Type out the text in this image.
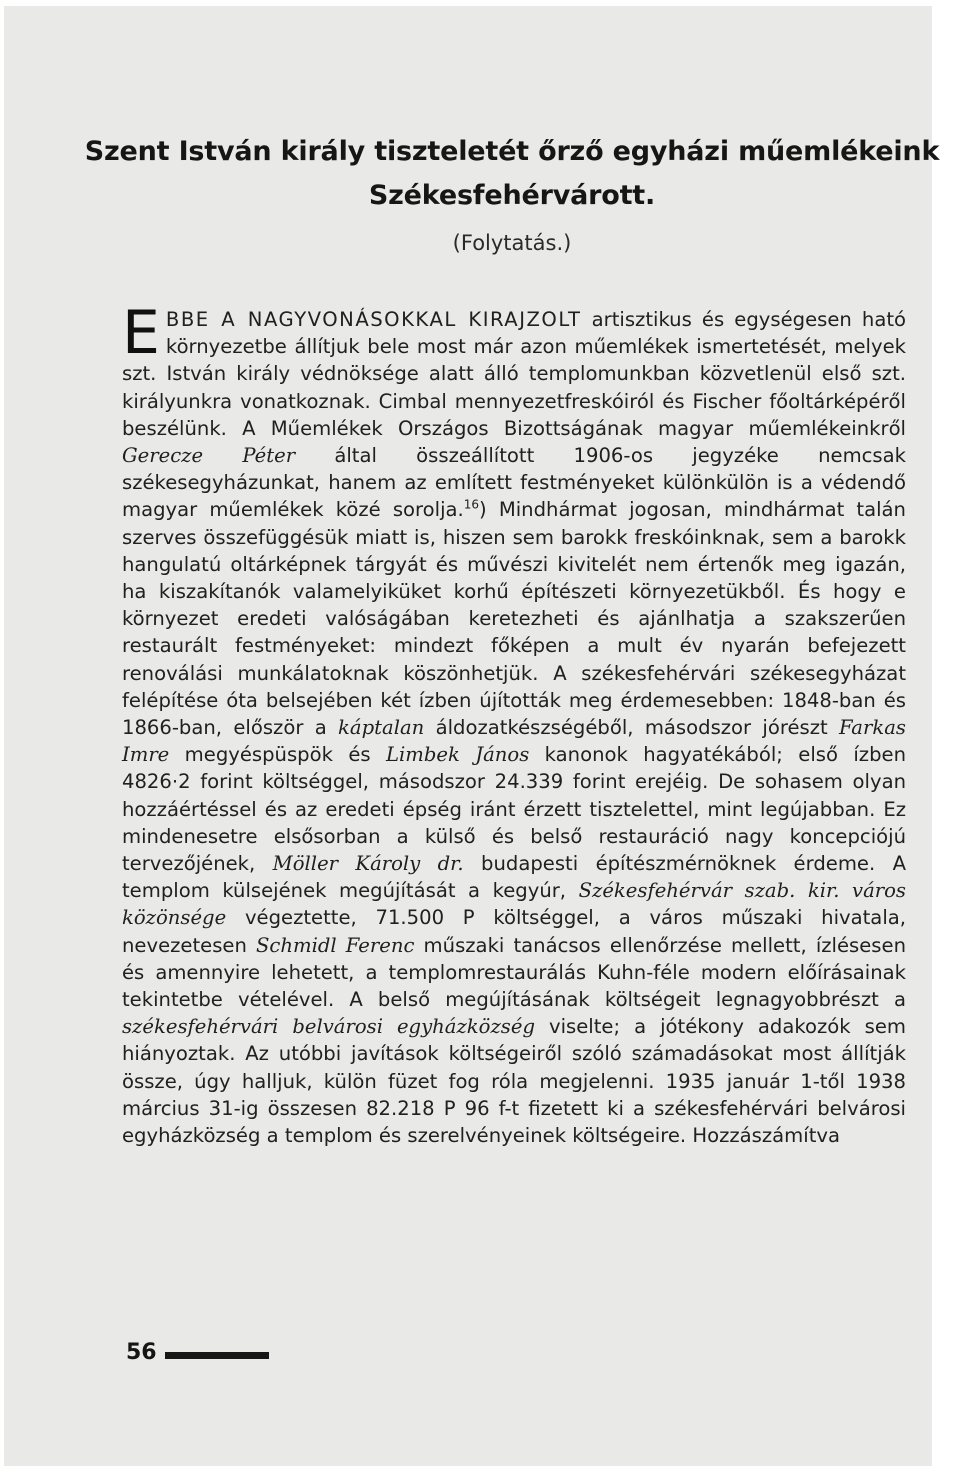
Szent István király tiszteletét őrző egyházi műemlékeink
Székesfehérvárott.
(Folytatás.)

EBBE A NAGYVONÁSOKKAL KIRAJZOLT artisztikus és egységesen ható környezetbe állítjuk bele most már azon műemlékek ismertetését, melyek szt. István király védnöksége alatt álló templomunkban közvetlenül első szt. királyunkra vonatkoznak. Cimbal mennyezetfreskóiról és Fischer főoltárképéről beszélünk. A Műemlékek Országos Bizottságának magyar műemlékeinkről Gerecze Péter által összeállított 1906-os jegyzéke nemcsak székesegyházunkat, hanem az említett festményeket különkülön is a védendő magyar műemlékek közé sorolja.$^{16}$) Mindhármat jogosan, mindhármat talán szerves összefüggésük miatt is, hiszen sem barokk freskóinknak, sem a barokk hangulatú oltárképnek tárgyát és művészi kivitelét nem értenők meg igazán, ha kiszakítanók valamelyiküket korhű építészeti környezetükből. És hogy e környezet eredeti valóságában keretezheti és ajánlhatja a szakszerűen restaurált festményeket: mindezt főképen a mult év nyarán befejezett renoválási munkálatoknak köszönhetjük. A székesfehérvári székesegyházat felépítése óta belsejében két ízben újították meg érdemesebben: 1848-ban és 1866-ban, először a káptalan áldozatkészségéből, másodszor jórészt Farkas Imre megyéspüspök és Limbek János kanonok hagyatékából; első ízben 4826·2 forint költséggel, másodszor 24.339 forint erejéig. De sohasem olyan hozzáértéssel és az eredeti épség iránt érzett tisztelettel, mint legújabban. Ez mindenesetre elsősorban a külső és belső restauráció nagy koncepciójú tervezőjének, Möller Károly dr. budapesti építészmérnöknek érdeme. A templom külsejének megújítását a kegyúr, Székesfehérvár szab. kir. város közönsége végeztette, 71.500 P költséggel, a város műszaki hivatala, nevezetesen Schmidl Ferenc műszaki tanácsos ellenőrzése mellett, ízlésesen és amennyire lehetett, a templomrestaurálás Kuhn-féle modern előírásainak tekintetbe vételével. A belső megújításának költségeit legnagyobbrészt a székesfehérvári belvárosi egyházközség viselte; a jótékony adakozók sem hiányoztak. Az utóbbi javítások költségeiről szóló számadásokat most állítják össze, úgy halljuk, külön füzet fog róla megjelenni. 1935 január 1-től 1938 március 31-ig összesen 82.218 P 96 f-t fizetett ki a székesfehérvári belvárosi egyházközség a templom és szerelvényeinek költségeire. Hozzászámítva

56
